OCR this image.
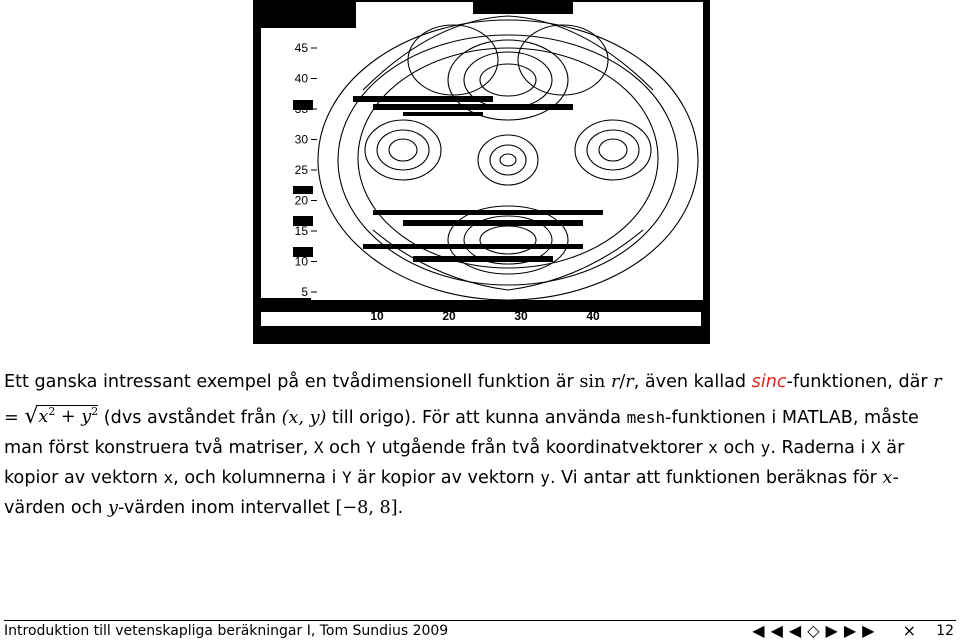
45
40
35
30
25
20
15
10
5
10	20	30	40
Ett ganska intressant exempel på en tvådimensionell funktion är sin r/r, även kallad sinc-funktionen, där $r = √x^2 + y^2$ (dvs avståndet från (x, y) till origo). För att kunna använda mesh-funktionen i MATLAB, måste man först konstruera två matriser, X och Y utgående från två koordinatvektorer x och y. Raderna i X är kopior av vektorn x, och kolumnerna i Y är kopior av vektorn y. Vi antar att funktionen beräknas för x-värden och y-värden inom intervallet [−8, 8].
Introduktion till vetenskapliga beräkningar I, Tom Sundius 2009	◀◀◀◇▶▶▶ × 12
